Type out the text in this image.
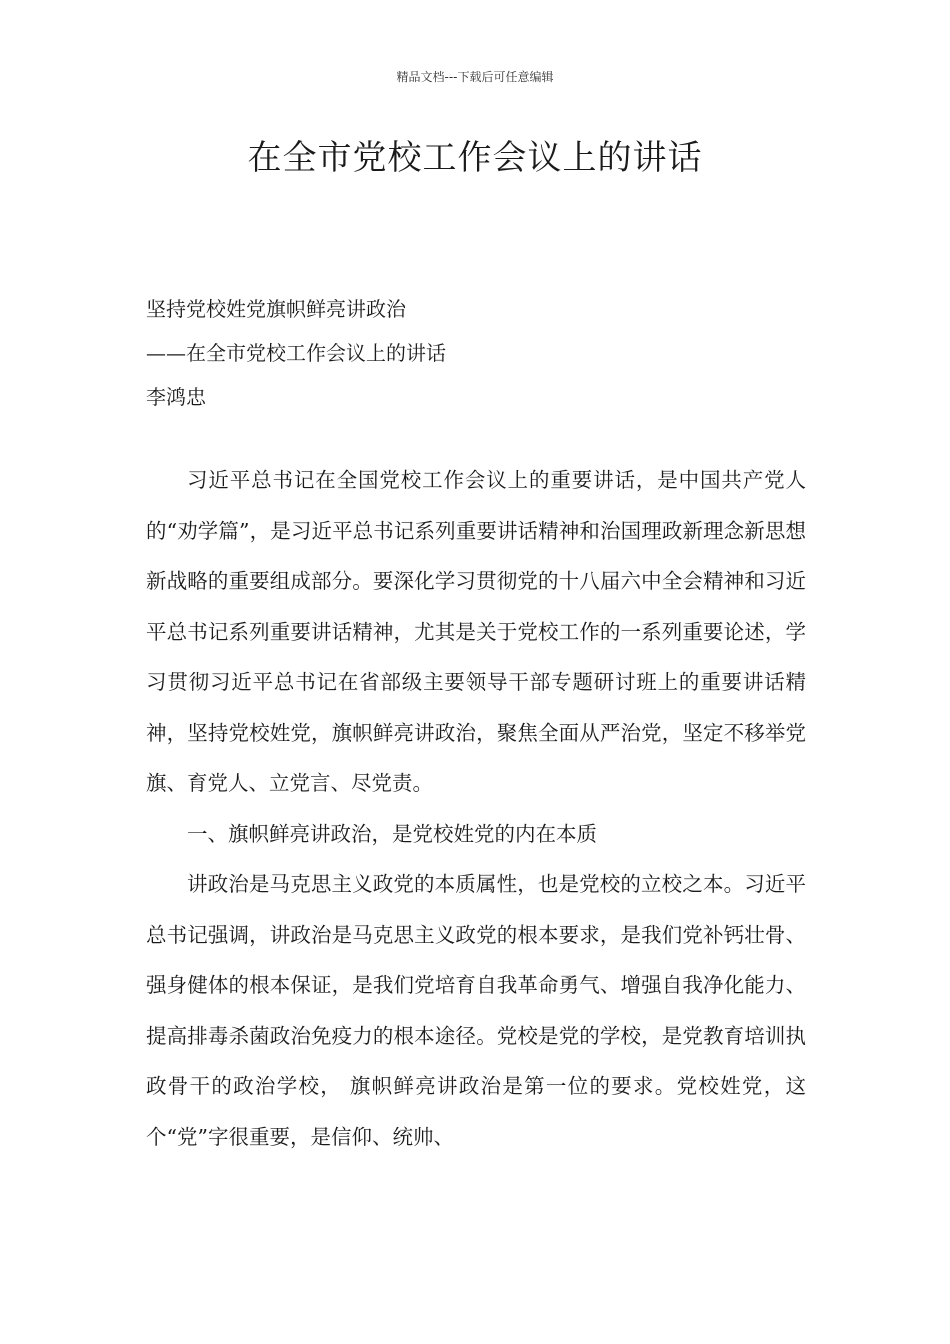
精品文档---下载后可任意编辑
在全市党校工作会议上的讲话
坚持党校姓党旗帜鲜亮讲政治
——在全市党校工作会议上的讲话
李鸿忠

习近平总书记在全国党校工作会议上的重要讲话，是中国共产党人的“劝学篇”，是习近平总书记系列重要讲话精神和治国理政新理念新思想新战略的重要组成部分。要深化学习贯彻党的十八届六中全会精神和习近平总书记系列重要讲话精神，尤其是关于党校工作的一系列重要论述，学习贯彻习近平总书记在省部级主要领导干部专题研讨班上的重要讲话精神，坚持党校姓党，旗帜鲜亮讲政治，聚焦全面从严治党，坚定不移举党旗、育党人、立党言、尽党责。

一、旗帜鲜亮讲政治，是党校姓党的内在本质

讲政治是马克思主义政党的本质属性，也是党校的立校之本。习近平总书记强调，讲政治是马克思主义政党的根本要求，是我们党补钙壮骨、强身健体的根本保证，是我们党培育自我革命勇气、增强自我净化能力、提高排毒杀菌政治免疫力的根本途径。党校是党的学校，是党教育培训执政骨干的政治学校， 旗帜鲜亮讲政治是第一位的要求。党校姓党，这个“党”字很重要，是信仰、统帅、
